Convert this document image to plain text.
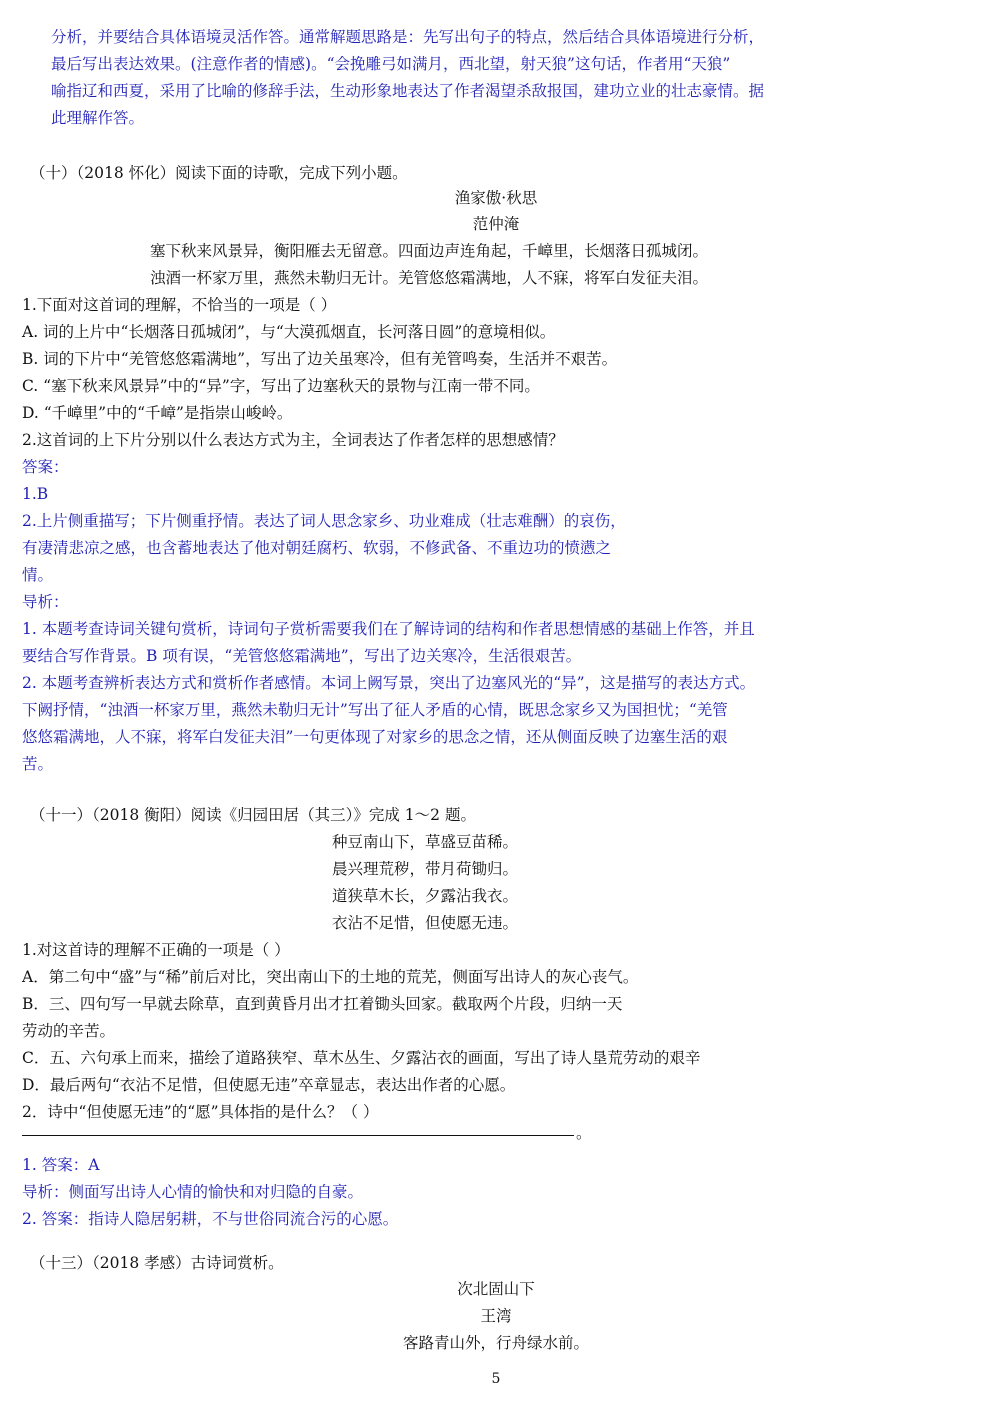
分析，并要结合具体语境灵活作答。通常解题思路是：先写出句子的特点，然后结合具体语境进行分析，
最后写出表达效果。(注意作者的情感)。“会挽雕弓如满月，西北望，射天狼”这句话，作者用“天狼”
喻指辽和西夏，采用了比喻的修辞手法，生动形象地表达了作者渴望杀敌报国，建功立业的壮志豪情。据
此理解作答。
（十）（2018 怀化）阅读下面的诗歌，完成下列小题。
渔家傲·秋思
范仲淹
塞下秋来风景异，衡阳雁去无留意。四面边声连角起，千嶂里，长烟落日孤城闭。
浊酒一杯家万里，燕然未勒归无计。羌管悠悠霜满地，人不寐，将军白发征夫泪。
1.下面对这首词的理解，不恰当的一项是（ ）
A. 词的上片中“长烟落日孤城闭”，与“大漠孤烟直，长河落日圆”的意境相似。
B. 词的下片中“羌管悠悠霜满地”，写出了边关虽寒冷，但有羌管鸣奏，生活并不艰苦。
C. “塞下秋来风景异”中的“异”字，写出了边塞秋天的景物与江南一带不同。
D. “千嶂里”中的“千嶂”是指崇山峻岭。
2.这首词的上下片分别以什么表达方式为主，全词表达了作者怎样的思想感情？
答案：
1.B
2.上片侧重描写；下片侧重抒情。表达了词人思念家乡、功业难成（壮志难酬）的哀伤，
有凄清悲凉之感，也含蓄地表达了他对朝廷腐朽、软弱，不修武备、不重边功的愤懑之
情。
导析：
1. 本题考查诗词关键句赏析，诗词句子赏析需要我们在了解诗词的结构和作者思想情感的基础上作答，并且
要结合写作背景。B 项有误，“羌管悠悠霜满地”，写出了边关寒冷，生活很艰苦。
2. 本题考查辨析表达方式和赏析作者感情。本词上阙写景，突出了边塞风光的“异”，这是描写的表达方式。
下阙抒情，“浊酒一杯家万里，燕然未勒归无计”写出了征人矛盾的心情，既思念家乡又为国担忧；“羌管
悠悠霜满地，人不寐，将军白发征夫泪”一句更体现了对家乡的思念之情，还从侧面反映了边塞生活的艰
苦。
（十一）（2018 衡阳）阅读《归园田居（其三）》完成 1～2 题。
种豆南山下，草盛豆苗稀。
晨兴理荒秽，带月荷锄归。
道狭草木长，夕露沾我衣。
衣沾不足惜，但使愿无违。
1.对这首诗的理解不正确的一项是（ ）
A．第二句中“盛”与“稀”前后对比，突出南山下的土地的荒芜，侧面写出诗人的灰心丧气。
B．三、四句写一早就去除草，直到黄昏月出才扛着锄头回家。截取两个片段，归纳一天
劳动的辛苦。
C．五、六句承上而来，描绘了道路狭窄、草木丛生、夕露沾衣的画面，写出了诗人垦荒劳动的艰辛
D．最后两句“衣沾不足惜，但使愿无违”卒章显志，表达出作者的心愿。
2．诗中“但使愿无违”的“愿”具体指的是什么？（ ）
。
1. 答案：A
导析：侧面写出诗人心情的愉快和对归隐的自豪。
2. 答案：指诗人隐居躬耕，不与世俗同流合污的心愿。
（十三）（2018 孝感）古诗词赏析。
次北固山下
王湾
客路青山外，行舟绿水前。
5
